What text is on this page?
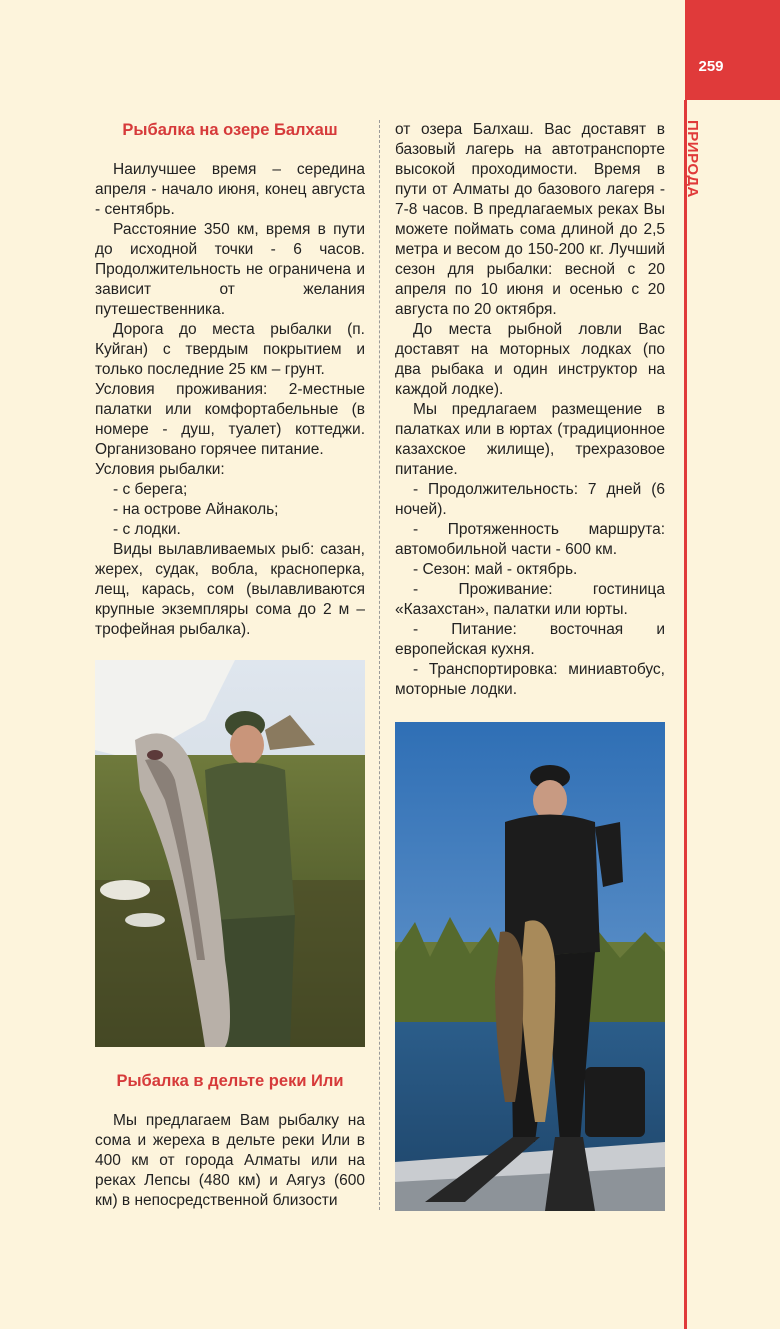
259
ПРИРОДА
Рыбалка на озере Балхаш

Наилучшее время – середина апреля - начало июня, конец августа - сентябрь.

Расстояние 350 км, время в пути до исходной точки - 6 часов. Продолжительность не ограничена и зависит от желания путешественника.

Дорога до места рыбалки (п. Куйган) с твердым покрытием и только последние 25 км – грунт.

Условия проживания: 2-местные палатки или комфортабельные (в номере - душ, туалет) коттеджи. Организовано горячее питание.

Условия рыбалки:

- с берега;
- на острове Айнаколь;
- с лодки.

Виды вылавливаемых рыб: сазан, жерех, судак, вобла, красноперка, лещ, карась, сом (вылавливаются крупные экземпляры сома до 2 м – трофейная рыбалка).

Рыбалка в дельте реки Или

Мы предлагаем Вам рыбалку на сома и жереха в дельте реки Или в 400 км от города Алматы или на реках Лепсы (480 км) и Аягуз (600 км) в непосредственной близости

от озера Балхаш. Вас доставят в базовый лагерь на автотранспорте высокой проходимости. Время в пути от Алматы до базового лагеря - 7-8 часов. В предлагаемых реках Вы можете поймать сома длиной до 2,5 метра и весом до 150-200 кг. Лучший сезон для рыбалки: весной с 20 апреля по 10 июня и осенью с 20 августа по 20 октября.

До места рыбной ловли Вас доставят на моторных лодках (по два рыбака и один инструктор на каждой лодке).

Мы предлагаем размещение в палатках или в юртах (традиционное казахское жилище), трехразовое питание.

- Продолжительность: 7 дней (6 ночей).

- Протяженность маршрута: автомобильной части - 600 км.

- Сезон: май - октябрь.

- Проживание: гостиница «Казахстан», палатки или юрты.

- Питание: восточная и европейская кухня.

- Транспортировка: миниавтобус, моторные лодки.
